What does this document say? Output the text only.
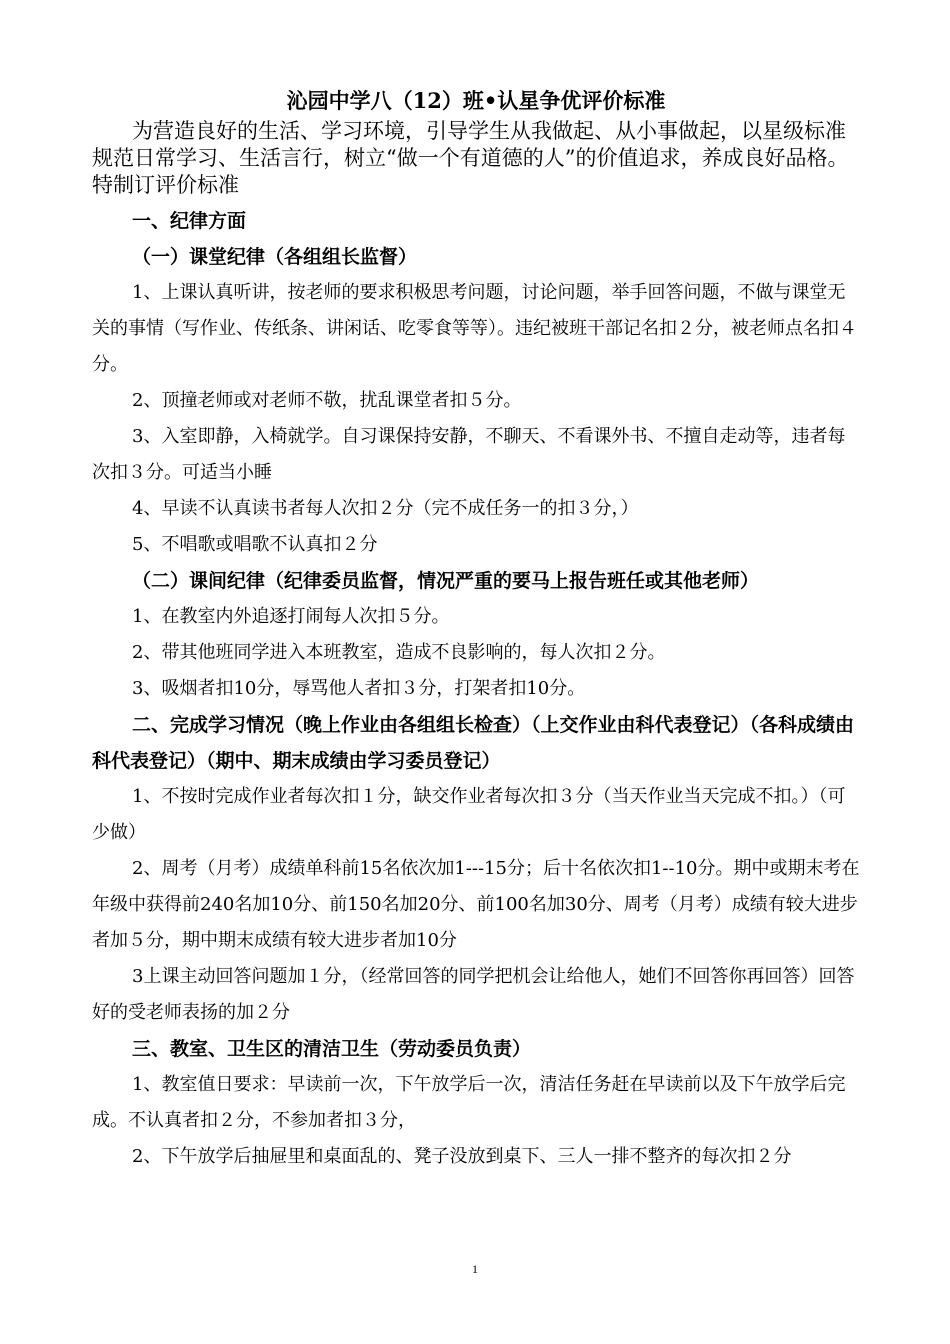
沁园中学八（12）班•认星争优评价标准

为营造良好的生活、学习环境，引导学生从我做起、从小事做起，以星级标准规范日常学习、生活言行，树立“做一个有道德的人”的价值追求，养成良好品格。特制订评价标准

一、纪律方面

（一）课堂纪律（各组组长监督）

1、上课认真听讲，按老师的要求积极思考问题，讨论问题，举手回答问题，不做与课堂无关的事情（写作业、传纸条、讲闲话、吃零食等等）。违纪被班干部记名扣２分，被老师点名扣４分。

2、顶撞老师或对老师不敬，扰乱课堂者扣５分。

3、入室即静，入椅就学。自习课保持安静，不聊天、不看课外书、不擅自走动等，违者每次扣３分。可适当小睡

4、早读不认真读书者每人次扣２分（完不成任务一的扣３分，）

5、不唱歌或唱歌不认真扣２分

（二）课间纪律（纪律委员监督，情况严重的要马上报告班任或其他老师）

1、在教室内外追逐打闹每人次扣５分。

2、带其他班同学进入本班教室，造成不良影响的，每人次扣２分。

3、吸烟者扣10分，辱骂他人者扣３分，打架者扣10分。

二、完成学习情况（晚上作业由各组组长检查）（上交作业由科代表登记）（各科成绩由科代表登记）（期中、期末成绩由学习委员登记）

1、不按时完成作业者每次扣１分，缺交作业者每次扣３分（当天作业当天完成不扣。）（可少做）

2、周考（月考）成绩单科前15名依次加1---15分；后十名依次扣1--10分。期中或期末考在年级中获得前240名加10分、前150名加20分、前100名加30分、周考（月考）成绩有较大进步者加５分，期中期末成绩有较大进步者加10分

3上课主动回答问题加１分，（经常回答的同学把机会让给他人，她们不回答你再回答）回答好的受老师表扬的加２分

三、教室、卫生区的清洁卫生（劳动委员负责）

1、教室值日要求：早读前一次，下午放学后一次，清洁任务赶在早读前以及下午放学后完成。不认真者扣２分，不参加者扣３分，

2、下午放学后抽屉里和桌面乱的、凳子没放到桌下、三人一排不整齐的每次扣２分

1
